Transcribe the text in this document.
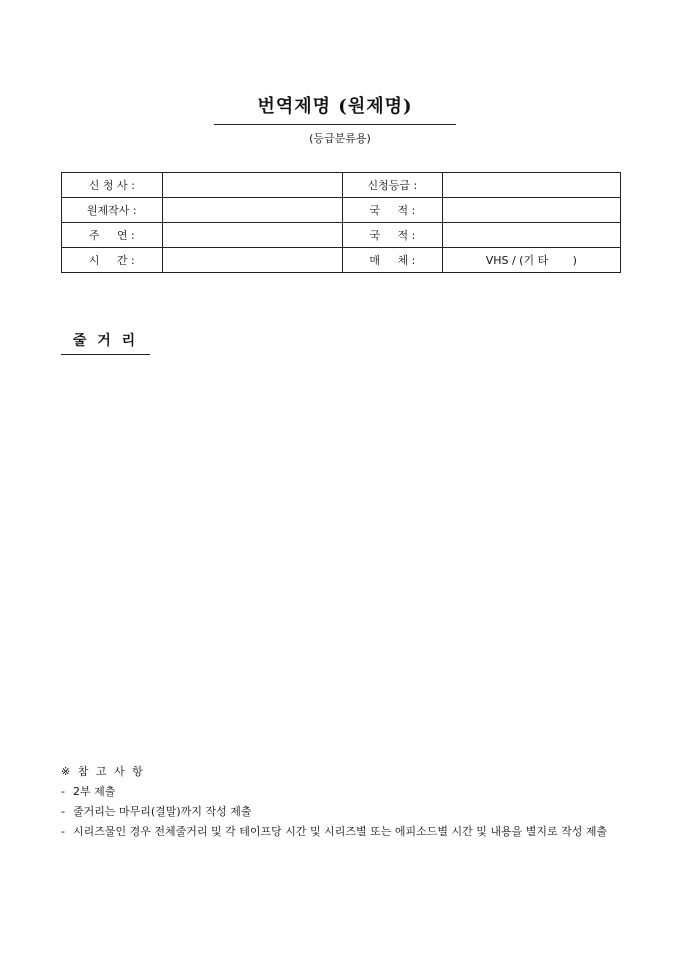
번역제명 (원제명)
(등급분류용)
신 청 사 :		신청등급 :	
원제작사 :		국     적 :	
주     연 :		국     적 :	
시     간 :		매     체 :	VHS / (기 타       )
줄 거 리
※ 참 고 사 항
- 2부 제출
- 줄거리는 마무리(결말)까지 작성 제출
- 시리즈물인 경우 전체줄거리 및 각 테이프당 시간 및 시리즈별 또는 에피소드별 시간 및 내용을 별지로 작성 제출
